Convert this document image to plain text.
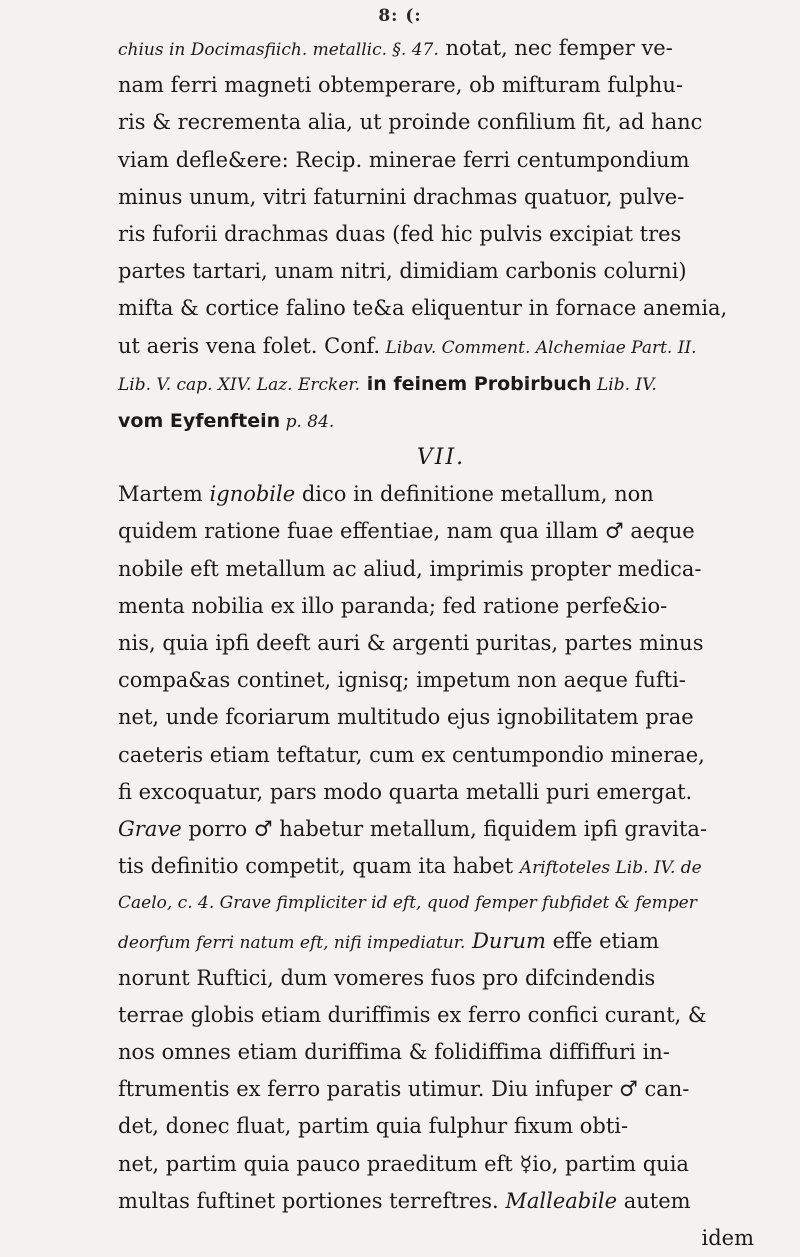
8: (:
chius in Docimasfiich. metallic. §. 47. notat, nec femper ve-
nam ferri magneti obtemperare, ob mifturam fulphu-
ris & recrementa alia, ut proinde confilium fit, ad hanc
viam defle&ere: Recip. minerae ferri centumpondium
minus unum, vitri faturnini drachmas quatuor, pulve-
ris fuforii drachmas duas (fed hic pulvis excipiat tres
partes tartari, unam nitri, dimidiam carbonis colurni)
mifta & cortice falino te&a eliquentur in fornace anemia,
ut aeris vena folet. Conf. Libav. Comment. Alchemiae Part. II.
Lib. V. cap. XIV. Laz. Ercker. in feinem Probirbuch Lib. IV.
vom Eyfenftein p. 84.
VII.
Martem ignobile dico in definitione metallum, non
quidem ratione fuae effentiae, nam qua illam ♂ aeque
nobile eft metallum ac aliud, imprimis propter medica-
menta nobilia ex illo paranda; fed ratione perfe&io-
nis, quia ipfi deeft auri & argenti puritas, partes minus
compa&as continet, ignisq; impetum non aeque fufti-
net, unde fcoriarum multitudo ejus ignobilitatem prae
caeteris etiam teftatur, cum ex centumpondio minerae,
fi excoquatur, pars modo quarta metalli puri emergat.
Grave porro ♂ habetur metallum, fiquidem ipfi gravita-
tis definitio competit, quam ita habet Ariftoteles Lib. IV. de
Caelo, c. 4. Grave fimpliciter id eft, quod femper fubfidet & femper
deorfum ferri natum eft, nifi impediatur. Durum effe etiam
norunt Ruftici, dum vomeres fuos pro difcindendis
terrae globis etiam duriffimis ex ferro confici curant, &
nos omnes etiam duriffima & folidiffima diffiffuri in-
ftrumentis ex ferro paratis utimur. Diu infuper ♂ can-
det, donec fluat, partim quia fulphur fixum obti-
net, partim quia pauco praeditum eft ☿io, partim quia
multas fuftinet portiones terreftres. Malleabile autem
idem
